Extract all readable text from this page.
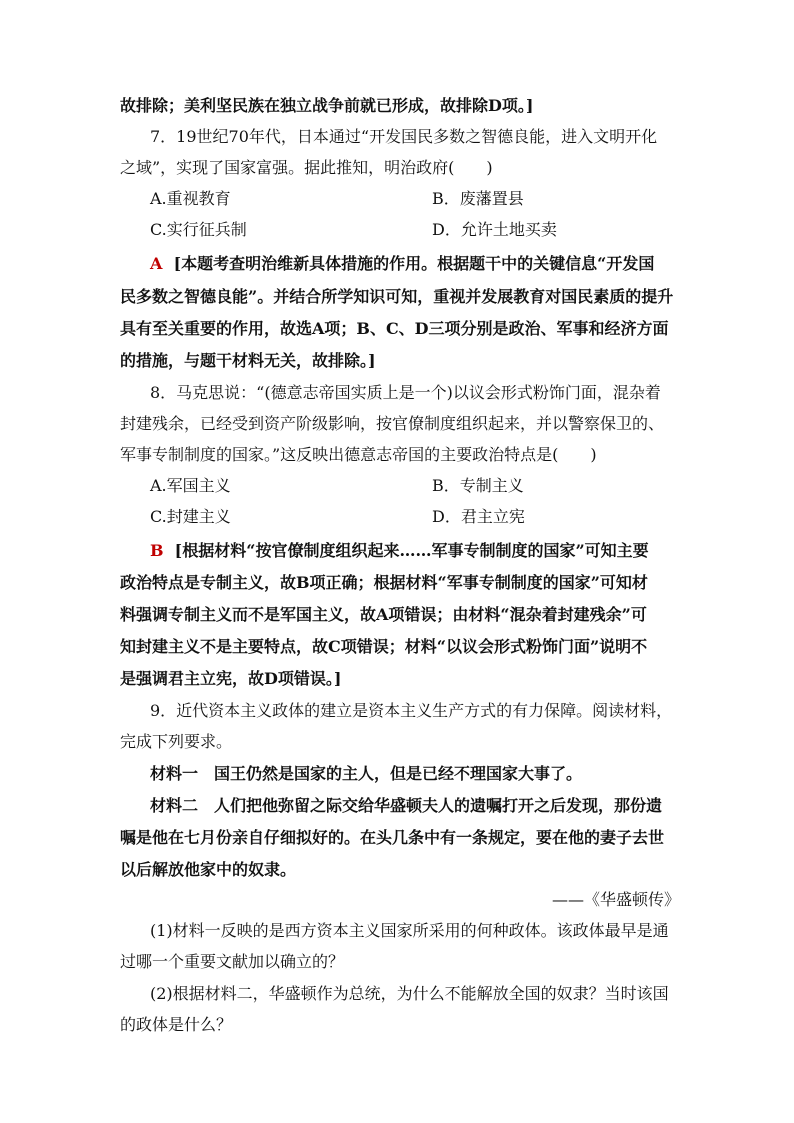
故排除；美利坚民族在独立战争前就已形成，故排除D项。]
7．19世纪70年代，日本通过“开发国民多数之智德良能，进入文明开化
之域”，实现了国家富强。据此推知，明治政府(　　)
A.重视教育	B．废藩置县
C.实行征兵制	D．允许土地买卖
A [本题考查明治维新具体措施的作用。根据题干中的关键信息“开发国
民多数之智德良能”。并结合所学知识可知，重视并发展教育对国民素质的提升
具有至关重要的作用，故选A项；B、C、D三项分别是政治、军事和经济方面
的措施，与题干材料无关，故排除。]
8．马克思说：“(德意志帝国实质上是一个)以议会形式粉饰门面，混杂着
封建残余，已经受到资产阶级影响，按官僚制度组织起来，并以警察保卫的、
军事专制制度的国家。”这反映出德意志帝国的主要政治特点是(　　)
A.军国主义	B．专制主义
C.封建主义	D．君主立宪
B [根据材料“按官僚制度组织起来……军事专制制度的国家”可知主要
政治特点是专制主义，故B项正确；根据材料“军事专制制度的国家”可知材
料强调专制主义而不是军国主义，故A项错误；由材料“混杂着封建残余”可
知封建主义不是主要特点，故C项错误；材料“以议会形式粉饰门面”说明不
是强调君主立宪，故D项错误。]
9．近代资本主义政体的建立是资本主义生产方式的有力保障。阅读材料，
完成下列要求。
材料一　国王仍然是国家的主人，但是已经不理国家大事了。
材料二　人们把他弥留之际交给华盛顿夫人的遗嘱打开之后发现，那份遗
嘱是他在七月份亲自仔细拟好的。在头几条中有一条规定，要在他的妻子去世
以后解放他家中的奴隶。
——《华盛顿传》
(1)材料一反映的是西方资本主义国家所采用的何种政体。该政体最早是通
过哪一个重要文献加以确立的？
(2)根据材料二，华盛顿作为总统，为什么不能解放全国的奴隶？当时该国
的政体是什么？
